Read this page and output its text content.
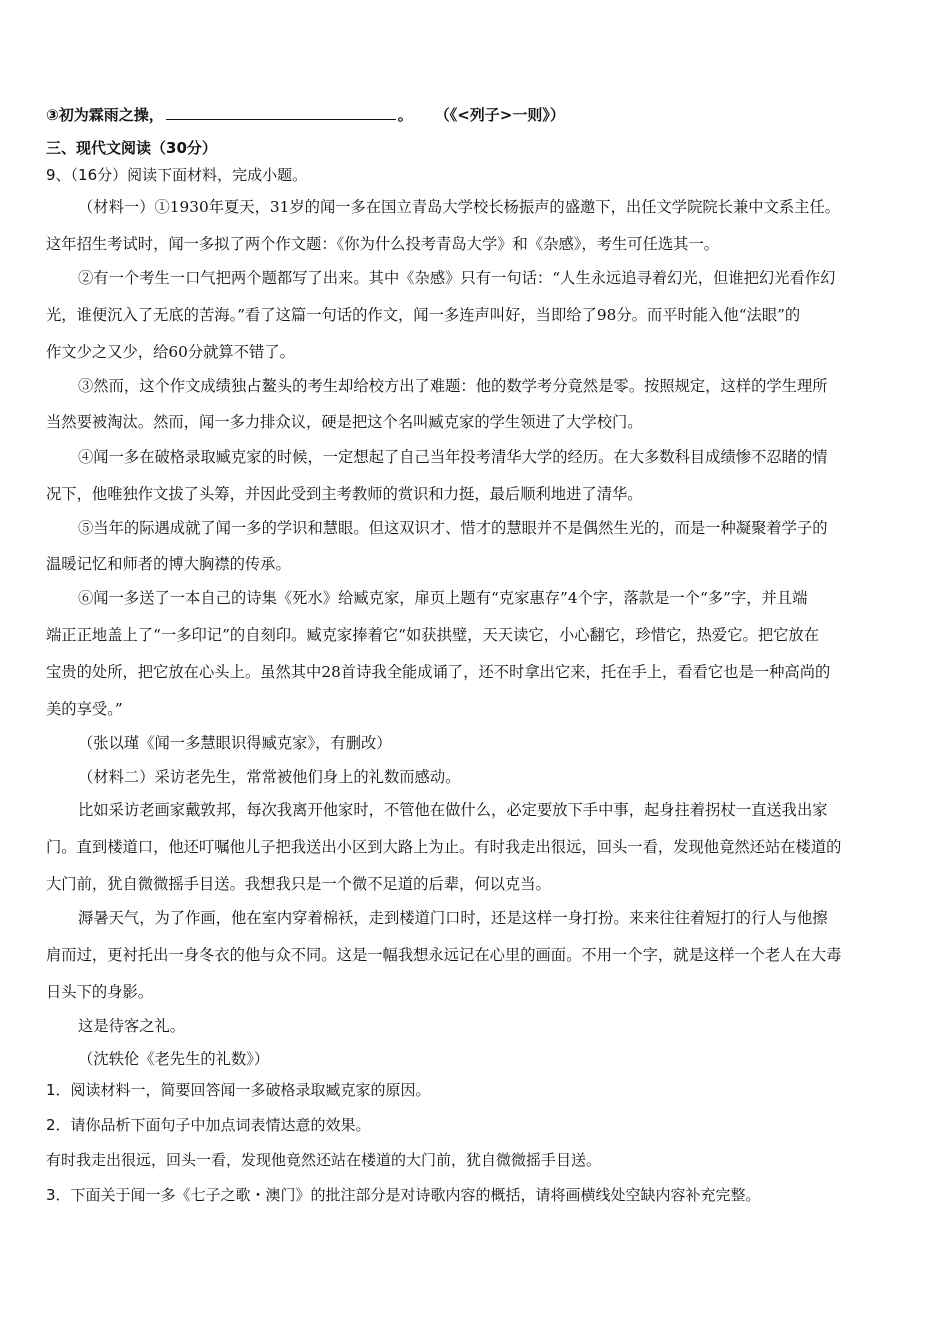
③初为霖雨之操，	。 （《<列子>一则》）
三、现代文阅读（30分）
9、（16分）阅读下面材料，完成小题。
（材料一）①1930年夏天，31岁的闻一多在国立青岛大学校长杨振声的盛邀下，出任文学院院长兼中文系主任。
这年招生考试时，闻一多拟了两个作文题：《你为什么投考青岛大学》和《杂感》，考生可任选其一。
②有一个考生一口气把两个题都写了出来。其中《杂感》只有一句话：“人生永远追寻着幻光，但谁把幻光看作幻
光，谁便沉入了无底的苦海。”看了这篇一句话的作文，闻一多连声叫好，当即给了98分。而平时能入他“法眼”的
作文少之又少，给60分就算不错了。
③然而，这个作文成绩独占鳌头的考生却给校方出了难题：他的数学考分竟然是零。按照规定，这样的学生理所
当然要被淘汰。然而，闻一多力排众议，硬是把这个名叫臧克家的学生领进了大学校门。
④闻一多在破格录取臧克家的时候，一定想起了自己当年投考清华大学的经历。在大多数科目成绩惨不忍睹的情
况下，他唯独作文拔了头筹，并因此受到主考教师的赏识和力挺，最后顺利地进了清华。
⑤当年的际遇成就了闻一多的学识和慧眼。但这双识才、惜才的慧眼并不是偶然生光的，而是一种凝聚着学子的
温暖记忆和师者的博大胸襟的传承。
⑥闻一多送了一本自己的诗集《死水》给臧克家，扉页上题有“克家惠存”4个字，落款是一个“多”字，并且端
端正正地盖上了“一多印记”的自刻印。臧克家捧着它“如获拱璧，天天读它，小心翻它，珍惜它，热爱它。把它放在
宝贵的处所，把它放在心头上。虽然其中28首诗我全能成诵了，还不时拿出它来，托在手上，看看它也是一种高尚的
美的享受。”
（张以瑾《闻一多慧眼识得臧克家》，有删改）
（材料二）采访老先生，常常被他们身上的礼数而感动。
比如采访老画家戴敦邦，每次我离开他家时，不管他在做什么，必定要放下手中事，起身拄着拐杖一直送我出家
门。直到楼道口，他还叮嘱他儿子把我送出小区到大路上为止。有时我走出很远，回头一看，发现他竟然还站在楼道的
大门前，犹自微微摇手目送。我想我只是一个微不足道的后辈，何以克当。
溽暑天气，为了作画，他在室内穿着棉袄，走到楼道门口时，还是这样一身打扮。来来往往着短打的行人与他擦
肩而过，更衬托出一身冬衣的他与众不同。这是一幅我想永远记在心里的画面。不用一个字，就是这样一个老人在大毒
日头下的身影。
这是待客之礼。
（沈轶伦《老先生的礼数》）
1．阅读材料一，简要回答闻一多破格录取臧克家的原因。
2．请你品析下面句子中加点词表情达意的效果。
有时我走出很远，回头一看，发现他竟然还站在楼道的大门前，犹自微微摇手目送。
3．下面关于闻一多《七子之歌・澳门》的批注部分是对诗歌内容的概括，请将画横线处空缺内容补充完整。
